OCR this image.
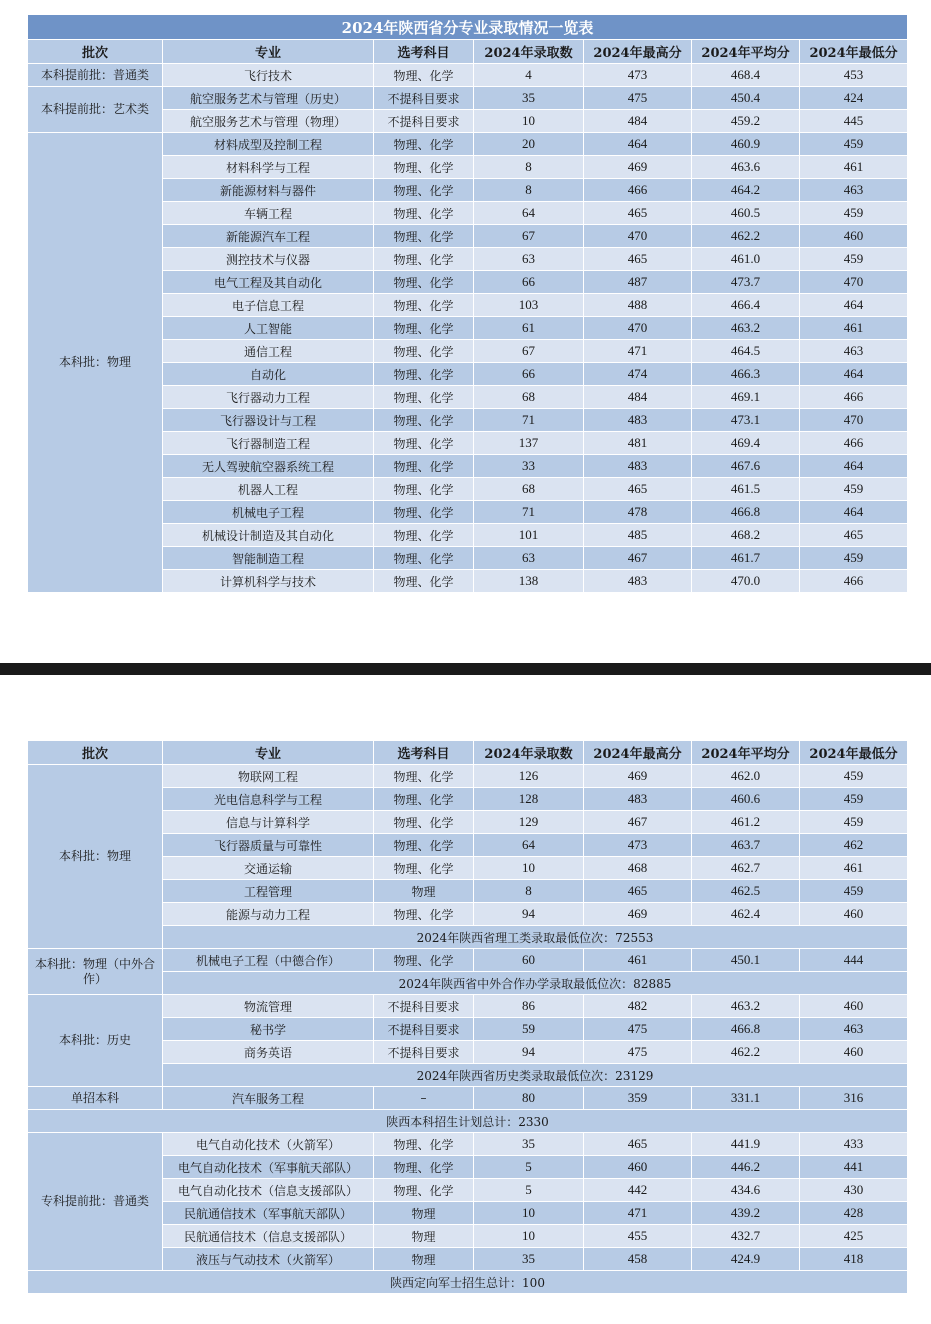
2024年陕西省分专业录取情况一览表						
批次	专业	选考科目	2024年录取数	2024年最高分	2024年平均分	2024年最低分
本科提前批：普通类	飞行技术	物理、化学	4	473	468.4	453
本科提前批：艺术类	航空服务艺术与管理（历史）	不提科目要求	35	475	450.4	424
	航空服务艺术与管理（物理）	不提科目要求	10	484	459.2	445
本科批：物理	材料成型及控制工程	物理、化学	20	464	460.9	459
	材料科学与工程	物理、化学	8	469	463.6	461
	新能源材料与器件	物理、化学	8	466	464.2	463
	车辆工程	物理、化学	64	465	460.5	459
	新能源汽车工程	物理、化学	67	470	462.2	460
	测控技术与仪器	物理、化学	63	465	461.0	459
	电气工程及其自动化	物理、化学	66	487	473.7	470
	电子信息工程	物理、化学	103	488	466.4	464
	人工智能	物理、化学	61	470	463.2	461
	通信工程	物理、化学	67	471	464.5	463
	自动化	物理、化学	66	474	466.3	464
	飞行器动力工程	物理、化学	68	484	469.1	466
	飞行器设计与工程	物理、化学	71	483	473.1	470
	飞行器制造工程	物理、化学	137	481	469.4	466
	无人驾驶航空器系统工程	物理、化学	33	483	467.6	464
	机器人工程	物理、化学	68	465	461.5	459
	机械电子工程	物理、化学	71	478	466.8	464
	机械设计制造及其自动化	物理、化学	101	485	468.2	465
	智能制造工程	物理、化学	63	467	461.7	459
	计算机科学与技术	物理、化学	138	483	470.0	466
批次	专业	选考科目	2024年录取数	2024年最高分	2024年平均分	2024年最低分
本科批：物理	物联网工程	物理、化学	126	469	462.0	459
	光电信息科学与工程	物理、化学	128	483	460.6	459
	信息与计算科学	物理、化学	129	467	461.2	459
	飞行器质量与可靠性	物理、化学	64	473	463.7	462
	交通运输	物理、化学	10	468	462.7	461
	工程管理	物理	8	465	462.5	459
	能源与动力工程	物理、化学	94	469	462.4	460
	2024年陕西省理工类录取最低位次：72553					
本科批：物理（中外合作）	机械电子工程（中德合作）	物理、化学	60	461	450.1	444
	2024年陕西省中外合作办学录取最低位次：82885					
本科批：历史	物流管理	不提科目要求	86	482	463.2	460
	秘书学	不提科目要求	59	475	466.8	463
	商务英语	不提科目要求	94	475	462.2	460
	2024年陕西省历史类录取最低位次：23129					
单招本科	汽车服务工程	–	80	359	331.1	316
陕西本科招生计划总计：2330						
专科提前批：普通类	电气自动化技术（火箭军）	物理、化学	35	465	441.9	433
	电气自动化技术（军事航天部队）	物理、化学	5	460	446.2	441
	电气自动化技术（信息支援部队）	物理、化学	5	442	434.6	430
	民航通信技术（军事航天部队）	物理	10	471	439.2	428
	民航通信技术（信息支援部队）	物理	10	455	432.7	425
	液压与气动技术（火箭军）	物理	35	458	424.9	418
陕西定向军士招生总计：100						
